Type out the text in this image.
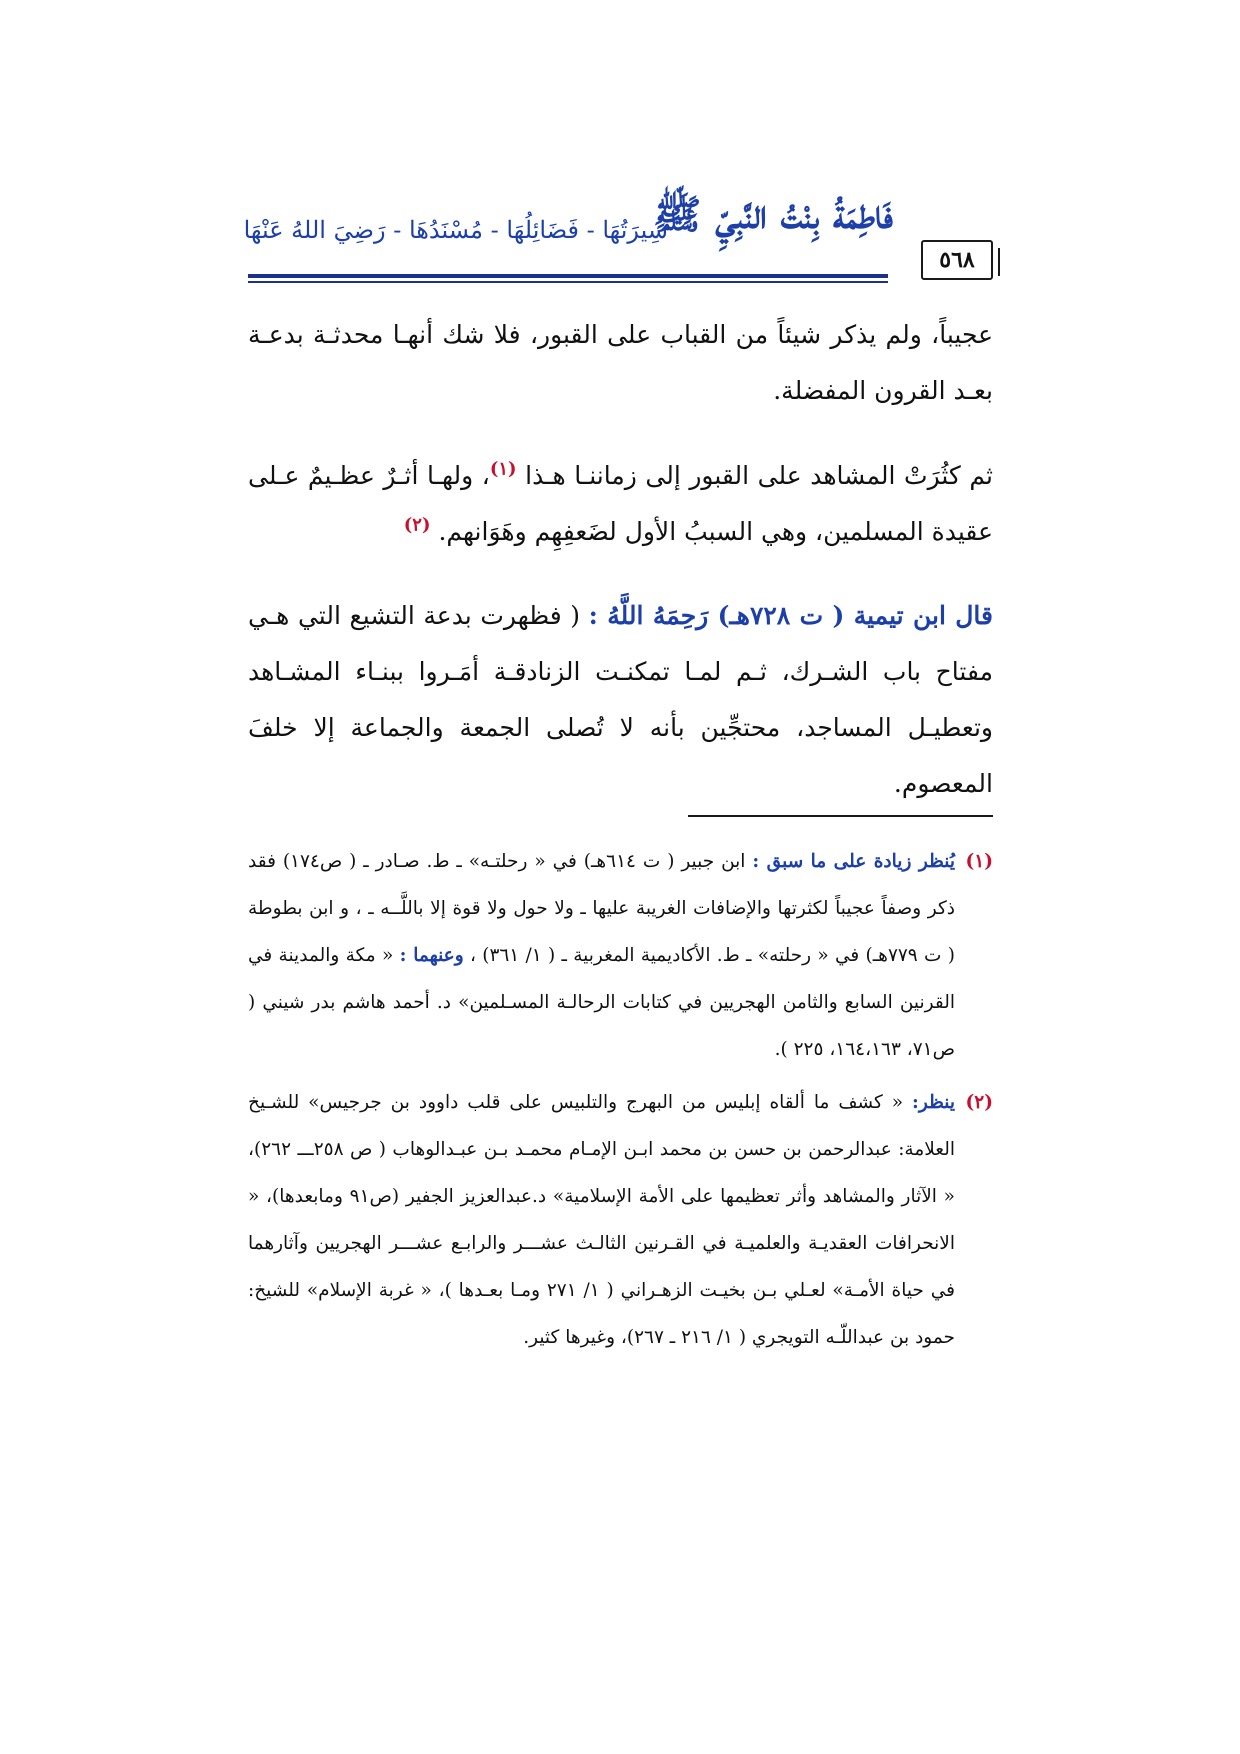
٥٦٨
فَاطِمَةُ بِنْتُ النَّبِيِّ ﷺ
سِيرَتُهَا - فَضَائِلُهَا - مُسْنَدُهَا - رَضِيَ اللهُ عَنْهَا
عجيباً، ولم يذكر شيئاً من القباب على القبور، فلا شك أنهـا محدثـة بدعـة بعـد القرون المفضلة.
ثم كثُرَتْ المشاهد على القبور إلى زماننـا هـذا $^{(١)}$، ولهـا أثـرٌ عظـيمٌ عـلى عقيدة المسلمين، وهي السببُ الأول لضَعفِهِم وهَوَانهم. $^{(٢)}$
قال ابن تيمية ( ت ٧٢٨هـ) رَحِمَهُ اللَّهُ : ( فظهرت بدعة التشيع التي هـي مفتاح باب الشـرك، ثـم لمـا تمكنـت الزنادقـة أمَـروا ببنـاء المشـاهد وتعطيـل المساجد، محتجِّين بأنه لا تُصلى الجمعة والجماعة إلا خلفَ المعصوم.
(١)
يُنظر زيادة على ما سبق : ابن جبير ( ت ٦١٤هـ) في « رحلتـه» ـ ط. صـادر ـ ( ص١٧٤) فقد ذكر وصفاً عجيباً لكثرتها والإضافات الغريبة عليها ـ ولا حول ولا قوة إلا باللَّــه ـ ، و ابن بطوطة ( ت ٧٧٩هـ) في « رحلته» ـ ط. الأكاديمية المغربية ـ ( ١/ ٣٦١) ، وعنهما : « مكة والمدينة في القرنين السابع والثامن الهجريين في كتابات الرحالـة المسـلمين» د. أحمد هاشم بدر شيني ( ص٧١، ١٦٤،١٦٣، ٢٢٥ ).
(٢)
ينظر: « كشف ما ألقاه إبليس من البهرج والتلبيس على قلب داوود بن جرجيس» للشـيخ العلامة: عبدالرحمن بن حسن بن محمد ابـن الإمـام محمـد بـن عبـدالوهاب ( ص ٢٥٨ـــ ٢٦٢)، « الآثار والمشاهد وأثر تعظيمها على الأمة الإسلامية» د.عبدالعزيز الجفير (ص٩١ ومابعدها)، « الانحرافات العقديـة والعلميـة في القـرنين الثالـث عشـــر والرابـع عشـــر الهجريين وآثارهما في حياة الأمـة» لعـلي بـن بخيـت الزهـراني ( ١/ ٢٧١ ومـا بعـدها )، « غربة الإسلام» للشيخ: حمود بن عبداللّـه التويجري ( ١/ ٢١٦ ـ ٢٦٧)، وغيرها كثير.
